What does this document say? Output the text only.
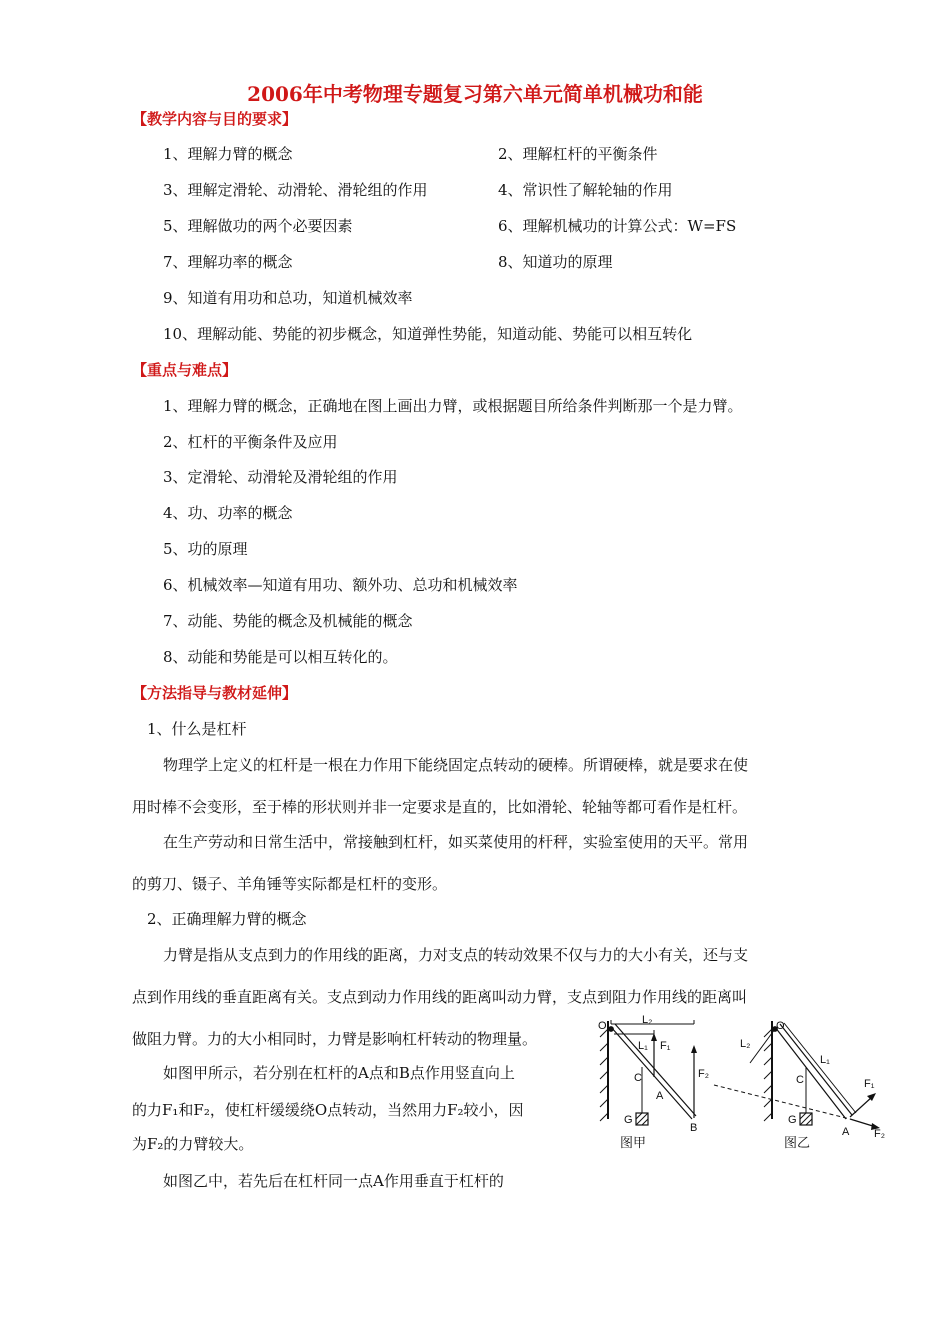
2006年中考物理专题复习第六单元简单机械功和能
【教学内容与目的要求】
1、理解力臂的概念	2、理解杠杆的平衡条件
3、理解定滑轮、动滑轮、滑轮组的作用	4、常识性了解轮轴的作用
5、理解做功的两个必要因素	6、理解机械功的计算公式：W=FS
7、理解功率的概念	8、知道功的原理
9、知道有用功和总功，知道机械效率
10、理解动能、势能的初步概念，知道弹性势能，知道动能、势能可以相互转化
【重点与难点】
1、理解力臂的概念，正确地在图上画出力臂，或根据题目所给条件判断那一个是力臂。
2、杠杆的平衡条件及应用
3、定滑轮、动滑轮及滑轮组的作用
4、功、功率的概念
5、功的原理
6、机械效率—知道有用功、额外功、总功和机械效率
7、动能、势能的概念及机械能的概念
8、动能和势能是可以相互转化的。
【方法指导与教材延伸】
1、什么是杠杆
物理学上定义的杠杆是一根在力作用下能绕固定点转动的硬棒。所谓硬棒，就是要求在使
用时棒不会变形，至于棒的形状则并非一定要求是直的，比如滑轮、轮轴等都可看作是杠杆。
在生产劳动和日常生活中，常接触到杠杆，如买菜使用的杆秤，实验室使用的天平。常用
的剪刀、镊子、羊角锤等实际都是杠杆的变形。
2、正确理解力臂的概念
力臂是指从支点到力的作用线的距离，力对支点的转动效果不仅与力的大小有关，还与支
点到作用线的垂直距离有关。支点到动力作用线的距离叫动力臂，支点到阻力作用线的距离叫
做阻力臂。力的大小相同时，力臂是影响杠杆转动的物理量。
如图甲所示，若分别在杠杆的A点和B点作用竖直向上
的力F₁和F₂，使杠杆缓缓绕O点转动，当然用力F₂较小，因
为F₂的力臂较大。
如图乙中，若先后在杠杆同一点A作用垂直于杠杆的
O	L₂
L₁ F₁
F₂
C
A
G
B
图甲
O
L₂
L₁
F₁
F₂
C
A
G
图乙
